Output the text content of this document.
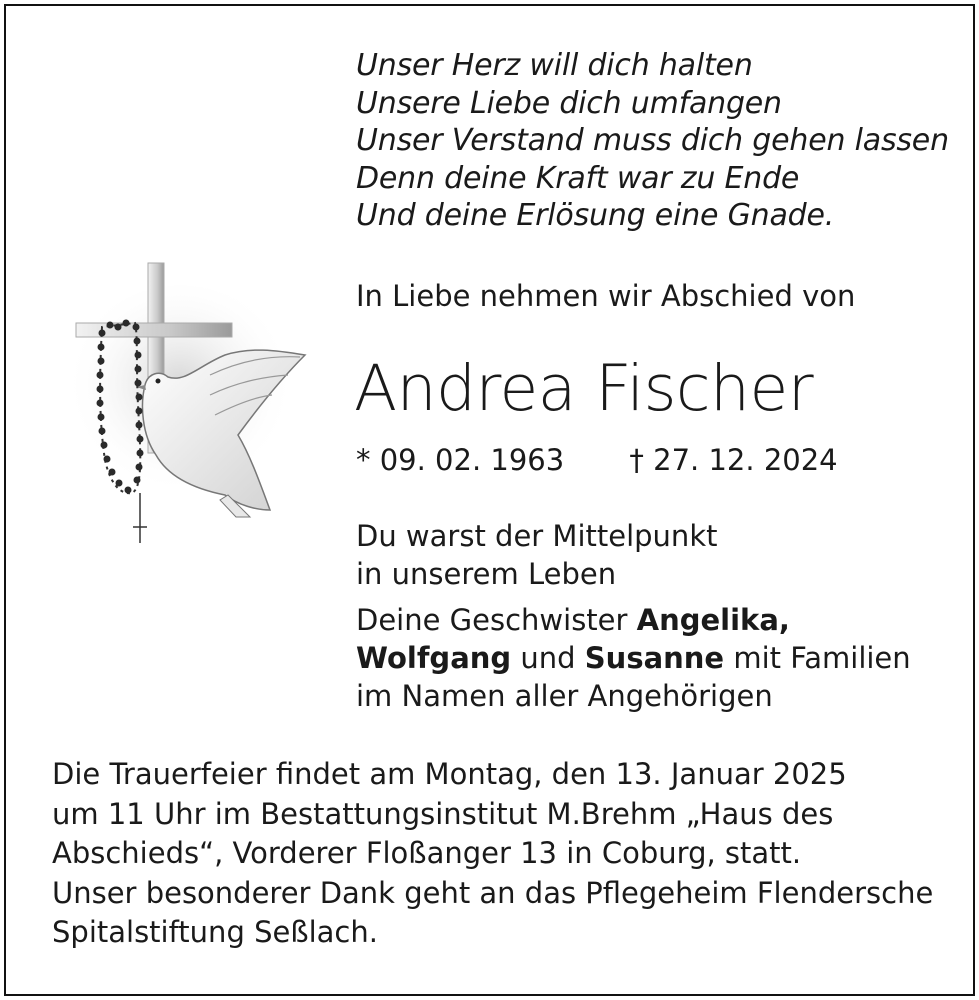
Unser Herz will dich halten
Unsere Liebe dich umfangen
Unser Verstand muss dich gehen lassen
Denn deine Kraft war zu Ende
Und deine Erlösung eine Gnade.
In Liebe nehmen wir Abschied von
Andrea Fischer
* 09. 02. 1963 † 27. 12. 2024
Du warst der Mittelpunkt
in unserem Leben
Deine Geschwister Angelika,
Wolfgang und Susanne mit Familien
im Namen aller Angehörigen
Die Trauerfeier findet am Montag, den 13. Januar 2025
um 11 Uhr im Bestattungsinstitut M.Brehm „Haus des
Abschieds“, Vorderer Floßanger 13 in Coburg, statt.
Unser besonderer Dank geht an das Pflegeheim Flendersche
Spitalstiftung Seßlach.
